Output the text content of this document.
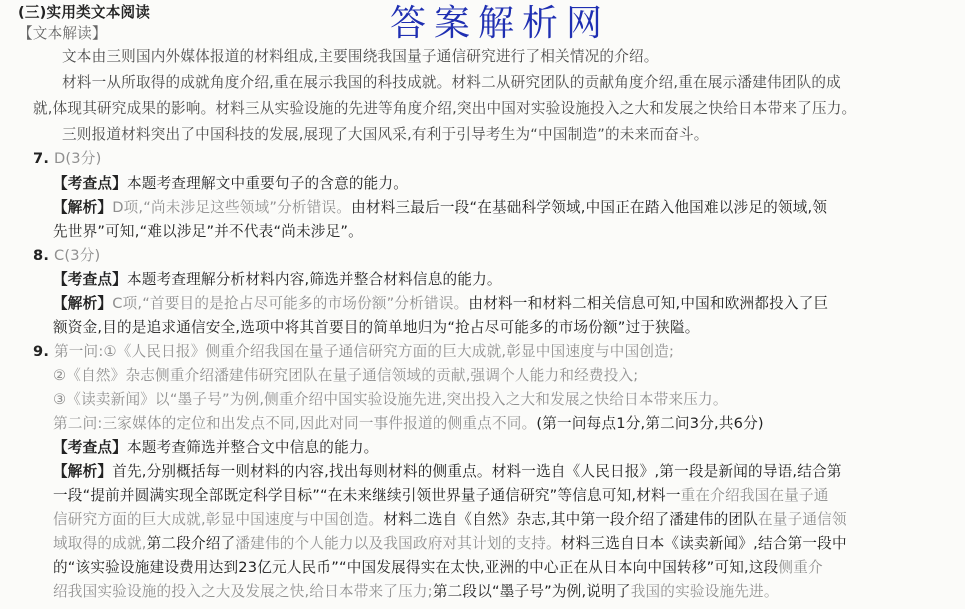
答案解析网
(三)实用类文本阅读
【文本解读】
文本由三则国内外媒体报道的材料组成,主要围绕我国量子通信研究进行了相关情况的介绍。
材料一从所取得的成就角度介绍,重在展示我国的科技成就。材料二从研究团队的贡献角度介绍,重在展示潘建伟团队的成
就,体现其研究成果的影响。材料三从实验设施的先进等角度介绍,突出中国对实验设施投入之大和发展之快给日本带来了压力。
三则报道材料突出了中国科技的发展,展现了大国风采,有利于引导考生为“中国制造”的未来而奋斗。
7. D(3分)
【考查点】本题考查理解文中重要句子的含意的能力。
【解析】D项,“尚未涉足这些领域”分析错误。由材料三最后一段“在基础科学领域,中国正在踏入他国难以涉足的领域,领
先世界”可知,“难以涉足”并不代表“尚未涉足”。
8. C(3分)
【考查点】本题考查理解分析材料内容,筛选并整合材料信息的能力。
【解析】C项,“首要目的是抢占尽可能多的市场份额”分析错误。由材料一和材料二相关信息可知,中国和欧洲都投入了巨
额资金,目的是追求通信安全,选项中将其首要目的简单地归为“抢占尽可能多的市场份额”过于狭隘。
9. 第一问:①《人民日报》侧重介绍我国在量子通信研究方面的巨大成就,彰显中国速度与中国创造;
②《自然》杂志侧重介绍潘建伟研究团队在量子通信领域的贡献,强调个人能力和经费投入;
③《读卖新闻》以“墨子号”为例,侧重介绍中国实验设施先进,突出投入之大和发展之快给日本带来压力。
第二问:三家媒体的定位和出发点不同,因此对同一事件报道的侧重点不同。(第一问每点1分,第二问3分,共6分)
【考查点】本题考查筛选并整合文中信息的能力。
【解析】首先,分别概括每一则材料的内容,找出每则材料的侧重点。材料一选自《人民日报》,第一段是新闻的导语,结合第
一段“提前并圆满实现全部既定科学目标”“在未来继续引领世界量子通信研究”等信息可知,材料一重在介绍我国在量子通
信研究方面的巨大成就,彰显中国速度与中国创造。材料二选自《自然》杂志,其中第一段介绍了潘建伟的团队在量子通信领
域取得的成就,第二段介绍了潘建伟的个人能力以及我国政府对其计划的支持。材料三选自日本《读卖新闻》,结合第一段中
的“该实验设施建设费用达到23亿元人民币”“中国发展得实在太快,亚洲的中心正在从日本向中国转移”可知,这段侧重介
绍我国实验设施的投入之大及发展之快,给日本带来了压力;第二段以“墨子号”为例,说明了我国的实验设施先进。
